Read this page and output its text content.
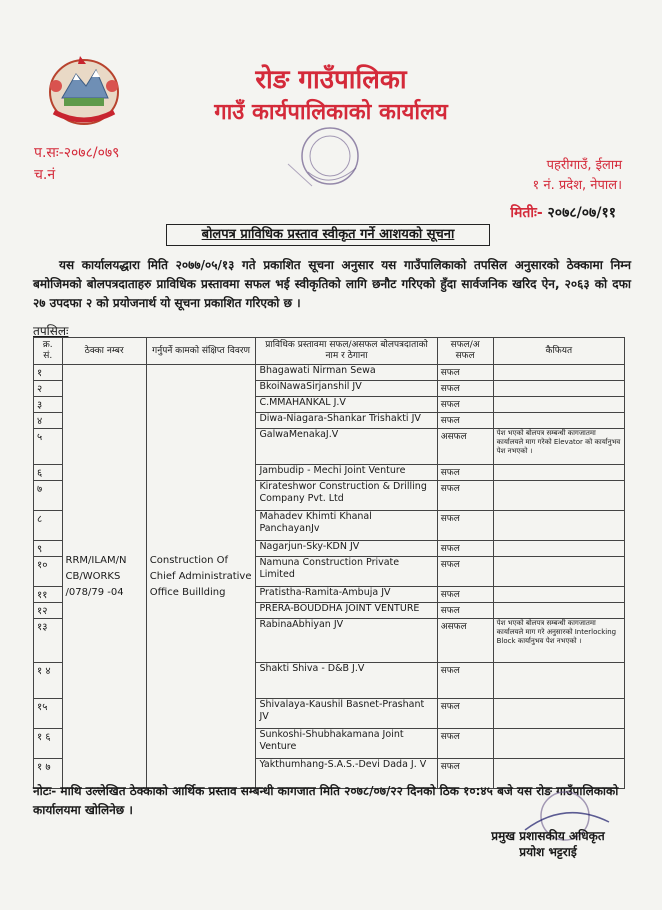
रोङ गाउँपालिका
गाउँ कार्यपालिकाको कार्यालय
प.सः-२०७८/०७९
च.नं
पहरीगाउँ, ईलाम
१ नं. प्रदेश, नेपाल।
मितीः- २०७८/०७/११
बोलपत्र प्राविधिक प्रस्ताव स्वीकृत गर्ने आशयको सूचना
यस कार्यालयद्धारा मिति २०७७/०५/१३ गते प्रकाशित सूचना अनुसार यस गाउँपालिकाको तपसिल अनुसारको ठेक्कामा निम्न बमोजिमको बोलपत्रदाताहरु प्राविधिक प्रस्तावमा सफल भई स्वीकृतिको लागि छनौट गरिएको हुँदा सार्वजनिक खरिद ऐन, २०६३ को दफा २७ उपदफा २ को प्रयोजनार्थ यो सूचना प्रकाशित गरिएको छ ।
तपसिलः
क्र. सं.	ठेक्का नम्बर	गर्नुपर्ने कामको संक्षिप्त विवरण	प्राविधिक प्रस्तावमा सफल/असफल बोलपत्रदाताको नाम र ठेगाना	सफल/अ सफल	कैफियत
१	RRM/ILAM/N CB/WORKS /078/79 -04	Construction Of Chief Administrative Office Buillding	Bhagawati Nirman Sewa	सफल	
२			BkoiNawaSirjanshil JV	सफल	
३			C.MMAHANKAL J.V	सफल	
४			Diwa-Niagara-Shankar Trishakti JV	सफल	
५			GalwaMenakaJ.V	असफल	पेश भएको बोलपत्र सम्बन्धी कागजातमा कार्यालयले माग गरेको Elevator को कार्यानुभव पेश नभएको ।
६			Jambudip - Mechi Joint Venture	सफल	
७			Kirateshwor Construction & Drilling Company Pvt. Ltd	सफल	
८			Mahadev Khimti Khanal PanchayanJv	सफल	
९			Nagarjun-Sky-KDN JV	सफल	
१०			Namuna Construction Private Limited	सफल	
११			Pratistha-Ramita-Ambuja JV	सफल	
१२			PRERA-BOUDDHA JOINT VENTURE	सफल	
१३			RabinaAbhiyan JV	असफल	पेश भएको बोलपत्र सम्बन्धी कागजातमा कार्यालयले माग गरे अनुसारको Interlocking Block कार्यानुभव पेश नभएको ।
१ ४			Shakti Shiva - D&B J.V	सफल	
१५			Shivalaya-Kaushil Basnet-Prashant JV	सफल	
१ ६			Sunkoshi-Shubhakamana Joint Venture	सफल	
१ ७			Yakthumhang-S.A.S.-Devi Dada J. V	सफल	
नोटः- माथि उल्लेखित ठेक्काको आर्थिक प्रस्ताव सम्बन्धी कागजात मिति २०७८/०७/२२ दिनको ठिक १०:४५ बजे यस रोङ गाउँपालिकाको कार्यालयमा खोलिनेछ ।
प्रमुख प्रशासकीय अधिकृत
प्रयोश भट्टराई
